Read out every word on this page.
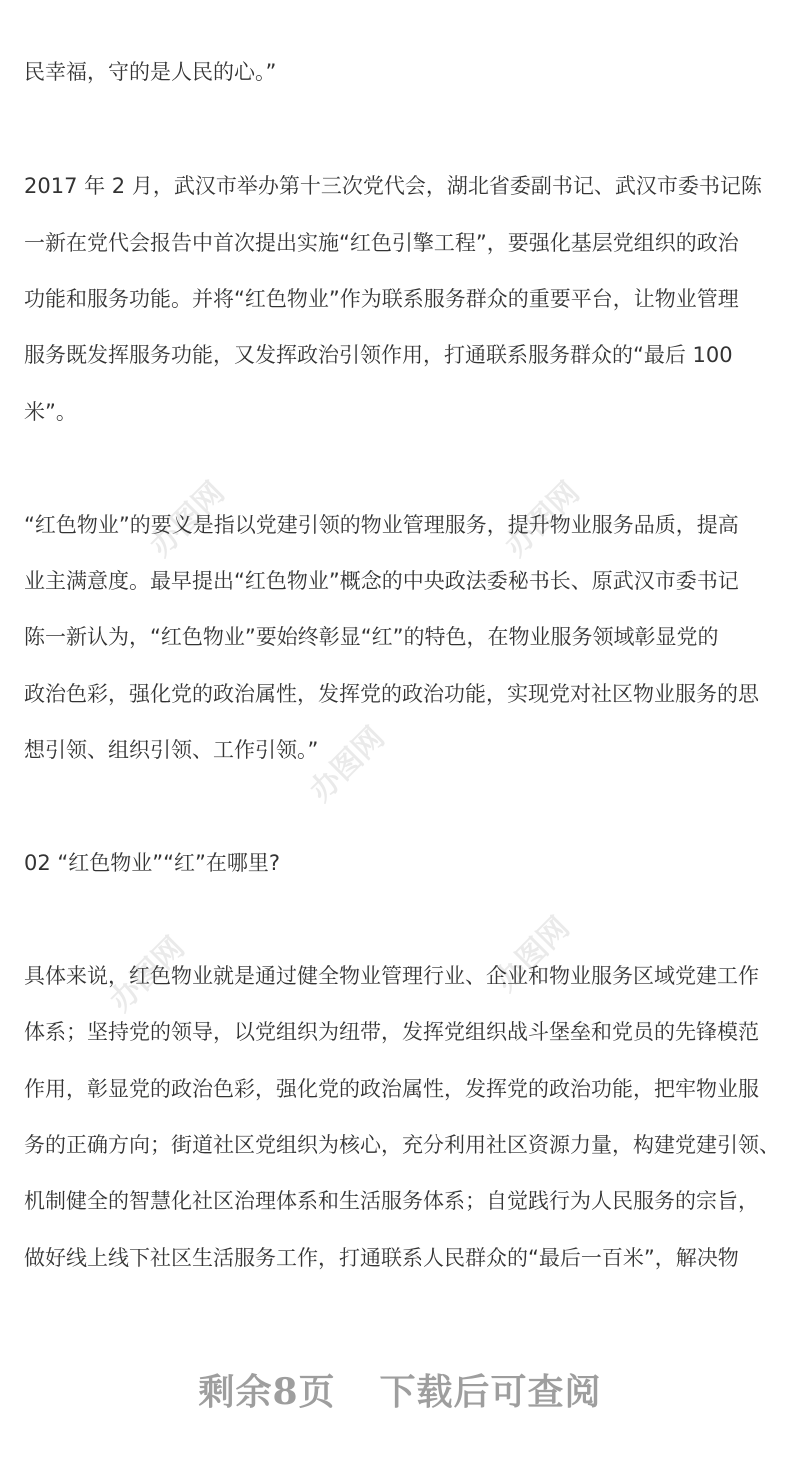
办图网	办图网
办图网
办图网	办图网
民幸福，守的是人民的心。”
2017 年 2 月，武汉市举办第十三次党代会，湖北省委副书记、武汉市委书记陈
一新在党代会报告中首次提出实施“红色引擎工程”，要强化基层党组织的政治
功能和服务功能。并将“红色物业”作为联系服务群众的重要平台，让物业管理
服务既发挥服务功能，又发挥政治引领作用，打通联系服务群众的“最后 100
米”。
“红色物业”的要义是指以党建引领的物业管理服务，提升物业服务品质，提高
业主满意度。最早提出“红色物业”概念的中央政法委秘书长、原武汉市委书记
陈一新认为，“红色物业”要始终彰显“红”的特色，在物业服务领域彰显党的
政治色彩，强化党的政治属性，发挥党的政治功能，实现党对社区物业服务的思
想引领、组织引领、工作引领。”
02 “红色物业”“红”在哪里?
具体来说，红色物业就是通过健全物业管理行业、企业和物业服务区域党建工作
体系；坚持党的领导，以党组织为纽带，发挥党组织战斗堡垒和党员的先锋模范
作用，彰显党的政治色彩，强化党的政治属性，发挥党的政治功能，把牢物业服
务的正确方向；街道社区党组织为核心，充分利用社区资源力量，构建党建引领、
机制健全的智慧化社区治理体系和生活服务体系；自觉践行为人民服务的宗旨，
做好线上线下社区生活服务工作，打通联系人民群众的“最后一百米”，解决物
剩余8页 下载后可查阅
